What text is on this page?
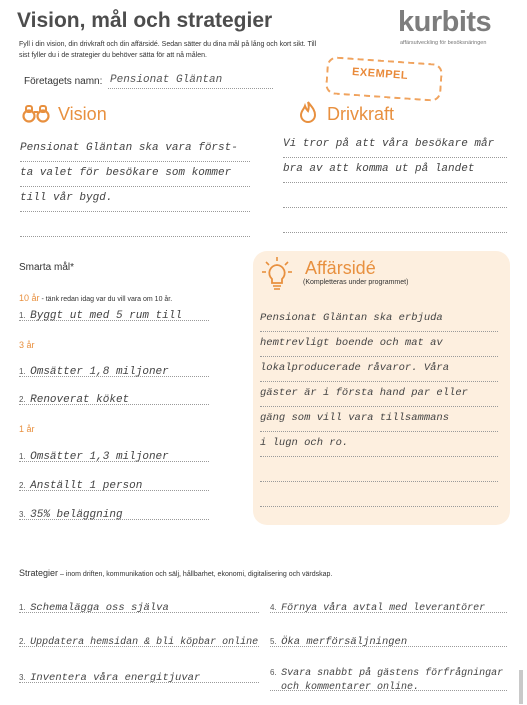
Vision, mål och strategier
Fyll i din vision, din drivkraft och din affärsidé. Sedan sätter du dina mål på lång och kort sikt. Till sist fyller du i de strategier du behöver sätta för att nå målen.
kurbits
affärsutveckling för besöksnäringen
Företagets namn: Pensionat Gläntan	EXEMPEL
Vision
Pensionat Gläntan ska vara först-
ta valet för besökare som kommer
till vår bygd.
Drivkraft
Vi tror på att våra besökare mår
bra av att komma ut på landet
Smarta mål*
10 år - tänk redan idag var du vill vara om 10 år.
1. Byggt ut med 5 rum till
3 år
1. Omsätter 1,8 miljoner
2. Renoverat köket
1 år
1. Omsätter 1,3 miljoner
2. Anställt 1 person
3. 35% beläggning
Affärsidé
(Kompletteras under programmet)
Pensionat Gläntan ska erbjuda
hemtrevligt boende och mat av
lokalproducerade råvaror. Våra
gäster är i första hand par eller
gäng som vill vara tillsammans
i lugn och ro.
Strategier – inom driften, kommunikation och sälj, hållbarhet, ekonomi, digitalisering och värdskap.
1. Schemalägga oss själva
2. Uppdatera hemsidan & bli köpbar online
3. Inventera våra energitjuvar
4. Förnya våra avtal med leverantörer
5. Öka merförsäljningen
6. Svara snabbt på gästens förfrågningar
och kommentarer online.
